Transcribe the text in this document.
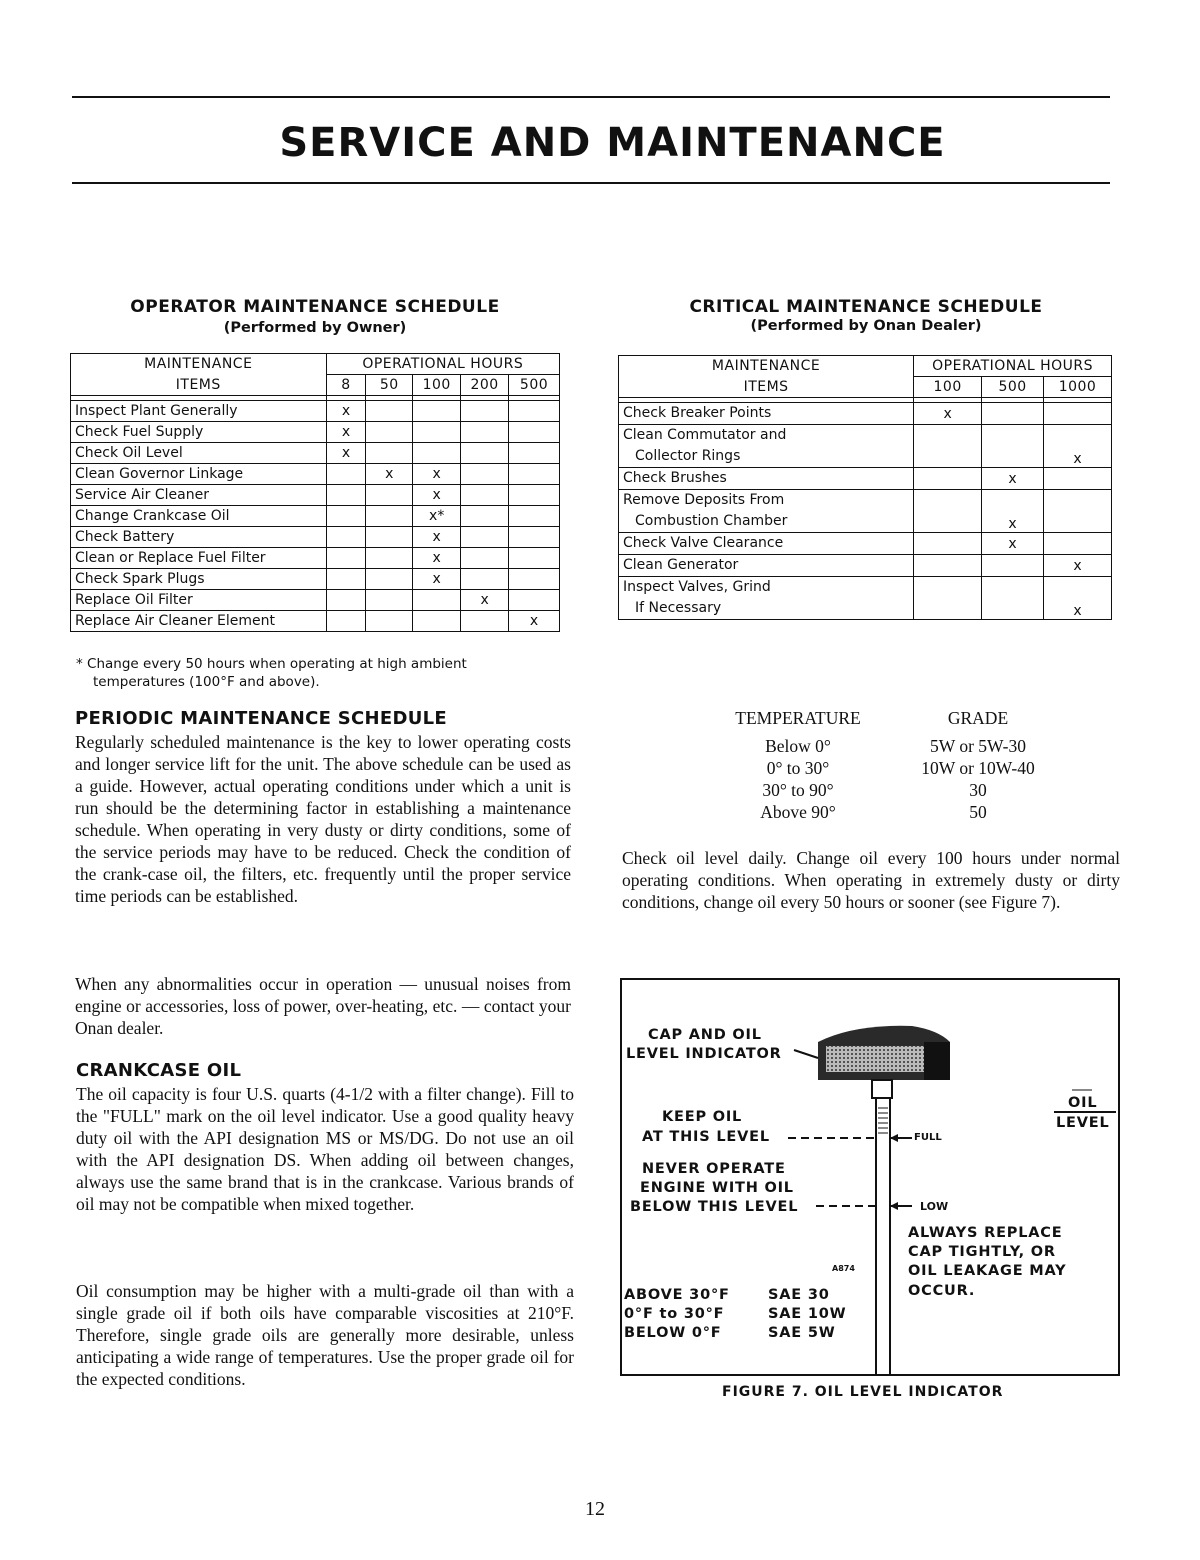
SERVICE AND MAINTENANCE
OPERATOR MAINTENANCE SCHEDULE
(Performed by Owner)
MAINTENANCE	OPERATIONAL HOURS				
ITEMS	8	50	100	200	500

Inspect Plant Generally	x				
Check Fuel Supply	x				
Check Oil Level	x				
Clean Governor Linkage		x	x		
Service Air Cleaner			x		
Change Crankcase Oil			x*		
Check Battery			x		
Clean or Replace Fuel Filter			x		
Check Spark Plugs			x		
Replace Oil Filter				x	
Replace Air Cleaner Element					x
* Change every 50 hours when operating at high ambient
temperatures (100°F and above).
CRITICAL MAINTENANCE SCHEDULE
(Performed by Onan Dealer)
MAINTENANCE	OPERATIONAL HOURS		
ITEMS	100	500	1000

Check Breaker Points	x		

Clean Commutator and
Collector Rings			x

Check Brushes		x	

Remove Deposits From
Combustion Chamber		x	

Check Valve Clearance		x	

Clean Generator			x

Inspect Valves, Grind
If Necessary			x
PERIODIC MAINTENANCE SCHEDULE
Regularly scheduled maintenance is the key to lower operating costs and longer service lift for the unit. The above schedule can be used as a guide. However, actual operating conditions under which a unit is run should be the determining factor in establishing a maintenance schedule. When operating in very dusty or dirty conditions, some of the service periods may have to be reduced. Check the condition of the crank-case oil, the filters, etc. frequently until the proper service time periods can be established.
When any abnormalities occur in operation — unusual noises from engine or accessories, loss of power, over-heating, etc. — contact your Onan dealer.
CRANKCASE OIL
The oil capacity is four U.S. quarts (4-1/2 with a filter change). Fill to the "FULL" mark on the oil level indicator. Use a good quality heavy duty oil with the API designation MS or MS/DG. Do not use an oil with the API designation DS. When adding oil between changes, always use the same brand that is in the crankcase. Various brands of oil may not be compatible when mixed together.
Oil consumption may be higher with a multi-grade oil than with a single grade oil if both oils have comparable viscosities at 210°F. Therefore, single grade oils are generally more desirable, unless anticipating a wide range of temperatures. Use the proper grade oil for the expected conditions.
TEMPERATURE	GRADE
Below 0°	5W or 5W-30
0° to 30°	10W or 10W-40
30° to 90°	30
Above 90°	50
Check oil level daily. Change oil every 100 hours under normal operating conditions. When operating in extremely dusty or dirty conditions, change oil every 50 hours or sooner (see Figure 7).
CAP AND OIL
LEVEL INDICATOR
KEEP OIL
AT THIS LEVEL	FULL
NEVER OPERATE
ENGINE WITH OIL
BELOW THIS LEVEL	LOW
OIL
LEVEL
ALWAYS REPLACE
CAP TIGHTLY, OR
OIL LEAKAGE MAY
OCCUR.
A874
ABOVE 30°F	SAE 30
0°F to 30°F	SAE 10W
BELOW 0°F	SAE 5W
FIGURE 7. OIL LEVEL INDICATOR
12
